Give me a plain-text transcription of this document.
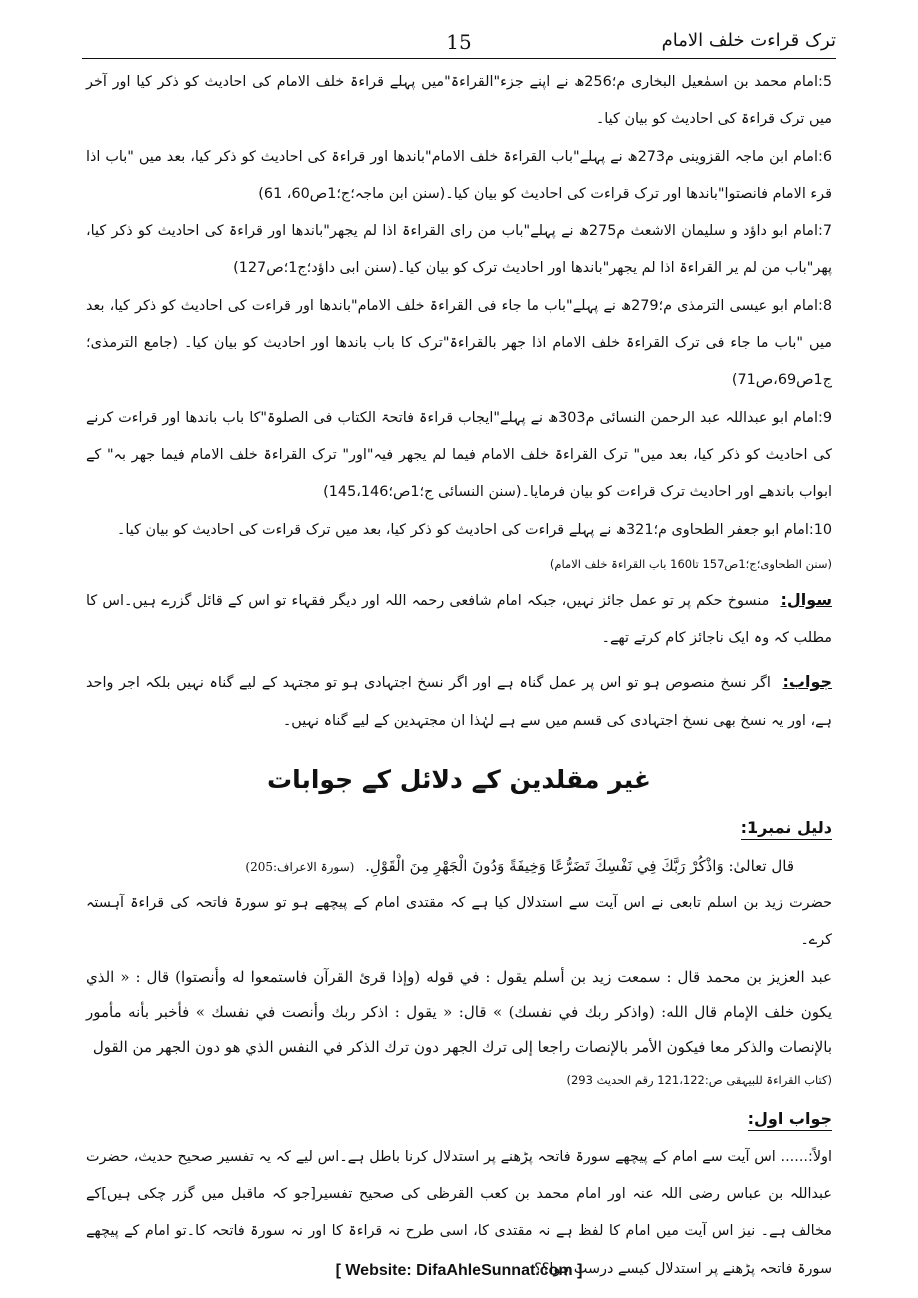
ترک قراءت خلف الامام
15

5:امام محمد بن اسمٰعیل البخاری م؛256ھ نے اپنے جزء"القراءۃ"میں پہلے قراءۃ خلف الامام کی احادیث کو ذکر کیا اور آخر میں ترک قراءۃ کی احادیث کو بیان کیا۔

6:امام ابن ماجہ القزوینی م273ھ نے پہلے"باب القراءۃ خلف الامام"باندھا اور قراءۃ کی احادیث کو ذکر کیا، بعد میں "باب اذا قرء الامام فانصتوا"باندھا اور ترک قراءت کی احادیث کو بیان کیا۔(سنن ابن ماجہ؛ج؛1ص60، 61)

7:امام ابو داؤد و سلیمان الاشعث م275ھ نے پہلے"باب من رای القراءۃ اذا لم یجھر"باندھا اور قراءۃ کی احادیث کو ذکر کیا، پھر"باب من لم یر القراءۃ اذا لم یجھر"باندھا اور احادیث ترک کو بیان کیا۔(سنن ابی داؤد؛ج1؛ص127)

8:امام ابو عیسی الترمذی م؛279ھ نے پہلے"باب ما جاء فی القراءۃ خلف الامام"باندھا اور قراءت کی احادیث کو ذکر کیا، بعد میں "باب ما جاء فی ترک القراءۃ خلف الامام اذا جھر بالقراءۃ"ترک کا باب باندھا اور احادیث کو بیان کیا۔ (جامع الترمذی؛ج1ص69،ص71)

9:امام ابو عبداللہ عبد الرحمن النسائی م303ھ نے پہلے"ایجاب قراءۃ فاتحۃ الکتاب فی الصلوۃ"کا باب باندھا اور قراءت کرنے کی احادیث کو ذکر کیا، بعد میں" ترک القراءۃ خلف الامام فیما لم یجھر فیہ"اور" ترک القراءۃ خلف الامام فیما جھر بہ" کے ابواب باندھے اور احادیث ترک قراءت کو بیان فرمایا۔(سنن النسائی ج؛1ص؛145،146)

10:امام ابو جعفر الطحاوی م؛321ھ نے پہلے قراءت کی احادیث کو ذکر کیا، بعد میں ترک قراءت کی احادیث کو بیان کیا۔

(سنن الطحاوی؛ج؛1ص157 تا160 باب القراءۃ خلف الامام)

سوال: منسوخ حکم پر تو عمل جائز نہیں، جبکہ امام شافعی رحمہ اللہ اور دیگر فقہاء تو اس کے قائل گزرے ہیں۔اس کا مطلب کہ وہ ایک ناجائز کام کرتے تھے۔

جواب: اگر نسخ منصوص ہو تو اس پر عمل گناہ ہے اور اگر نسخ اجتہادی ہو تو مجتہد کے لیے گناہ نہیں بلکہ اجر واحد ہے، اور یہ نسخ بھی نسخ اجتہادی کی قسم میں سے ہے لہٰذا ان مجتہدین کے لیے گناہ نہیں۔

غیر مقلدین کے دلائل کے جوابات
دلیل نمبر1:

قال تعالیٰ: وَاذْكُرْ رَبَّكَ فِي نَفْسِكَ تَضَرُّعًا وَخِيفَةً وَدُونَ الْجَهْرِ مِنَ الْقَوْلِ. (سورۃ الاعراف:205)

حضرت زید بن اسلم تابعی نے اس آیت سے استدلال کیا ہے کہ مقتدی امام کے پیچھے ہو تو سورۃ فاتحہ کی قراءۃ آہستہ کرے۔

عبد العزيز بن محمد قال : سمعت زيد بن أسلم يقول : في قوله (وإذا قرئ القرآن فاستمعوا له وأنصتوا) قال : « الذي يكون خلف الإمام قال الله: (واذكر ربك في نفسك) » قال: « يقول : اذكر ربك وأنصت في نفسك » فأخبر بأنه مأمور بالإنصات والذكر معا فيكون الأمر بالإنصات راجعا إلى ترك الجهر دون ترك الذكر في النفس الذي هو دون الجهر من القول

(کتاب القراءۃ للبیہقی ص:121،122 رقم الحدیث 293)

جواب اول:

اولاً:...... اس آیت سے امام کے پیچھے سورۃ فاتحہ پڑھنے پر استدلال کرنا باطل ہے۔اس لیے کہ یہ تفسیر صحیح حدیث، حضرت عبداللہ بن عباس رضی اللہ عنہ اور امام محمد بن کعب القرظی کی صحیح تفسیر[جو کہ ماقبل میں گزر چکی ہیں]کے مخالف ہے۔ نیز اس آیت میں امام کا لفظ ہے نہ مقتدی کا، اسی طرح نہ قراءۃ کا اور نہ سورۃ فاتحہ کا۔تو امام کے پیچھے سورۃ فاتحہ پڑھنے پر استدلال کیسے درست ہوا؟؟

[ Website: DifaAhleSunnat.com ]
